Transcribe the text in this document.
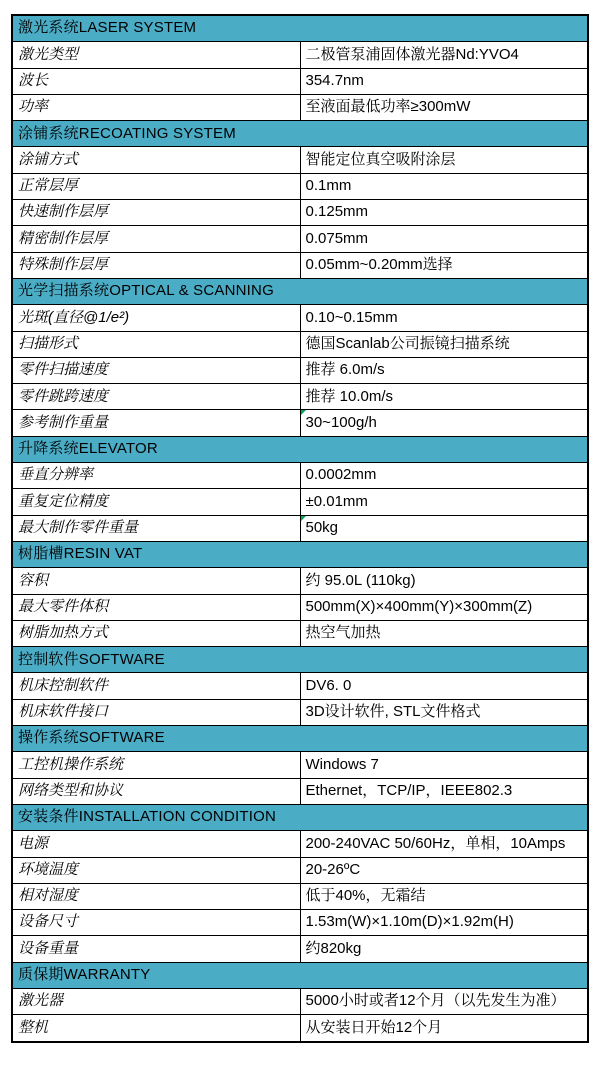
激光系统LASER SYSTEM	
激光类型	二极管泵浦固体激光器Nd:YVO4
波长	354.7nm
功率	至液面最低功率≥300mW
涂铺系统RECOATING SYSTEM	
涂铺方式	智能定位真空吸附涂层
正常层厚	0.1mm
快速制作层厚	0.125mm
精密制作层厚	0.075mm
特殊制作层厚	0.05mm~0.20mm选择
光学扫描系统OPTICAL & SCANNING	
光斑(直径@1/e²)	0.10~0.15mm
扫描形式	德国Scanlab公司振镜扫描系统
零件扫描速度	推荐 6.0m/s
零件跳跨速度	推荐 10.0m/s
参考制作重量	30~100g/h
升降系统ELEVATOR	
垂直分辨率	0.0002mm
重复定位精度	±0.01mm
最大制作零件重量	50kg
树脂槽RESIN VAT	
容积	约 95.0L (110kg)
最大零件体积	500mm(X)×400mm(Y)×300mm(Z)
树脂加热方式	热空气加热
控制软件SOFTWARE	
机床控制软件	DV6. 0
机床软件接口	3D设计软件, STL文件格式
操作系统SOFTWARE	
工控机操作系统	Windows 7
网络类型和协议	Ethernet，TCP/IP，IEEE802.3
安装条件INSTALLATION CONDITION	
电源	200-240VAC 50/60Hz，单相，10Amps
环境温度	20-26ºC
相对湿度	低于40%，无霜结
设备尺寸	1.53m(W)×1.10m(D)×1.92m(H)
设备重量	约820kg
质保期WARRANTY	
激光器	5000小时或者12个月（以先发生为准）
整机	从安装日开始12个月
